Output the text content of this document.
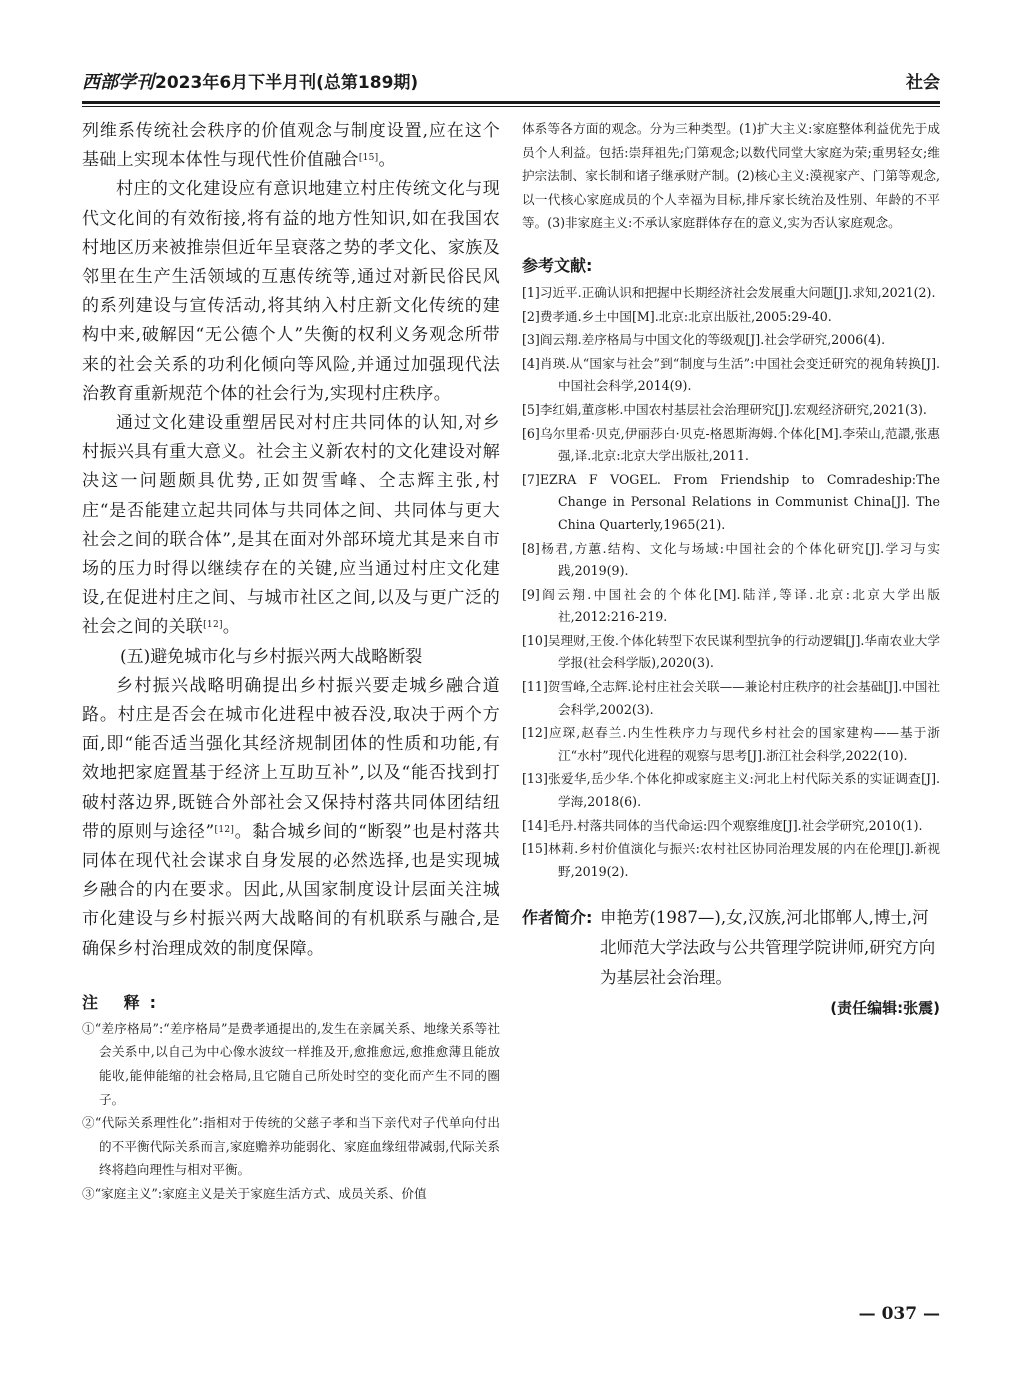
西部学刊2023年6月下半月刊(总第189期)	社会

列维系传统社会秩序的价值观念与制度设置,应在这个基础上实现本体性与现代性价值融合[15]。

村庄的文化建设应有意识地建立村庄传统文化与现代文化间的有效衔接,将有益的地方性知识,如在我国农村地区历来被推崇但近年呈衰落之势的孝文化、家族及邻里在生产生活领域的互惠传统等,通过对新民俗民风的系列建设与宣传活动,将其纳入村庄新文化传统的建构中来,破解因“无公德个人”失衡的权利义务观念所带来的社会关系的功利化倾向等风险,并通过加强现代法治教育重新规范个体的社会行为,实现村庄秩序。

通过文化建设重塑居民对村庄共同体的认知,对乡村振兴具有重大意义。社会主义新农村的文化建设对解决这一问题颇具优势,正如贺雪峰、仝志辉主张,村庄“是否能建立起共同体与共同体之间、共同体与更大社会之间的联合体”,是其在面对外部环境尤其是来自市场的压力时得以继续存在的关键,应当通过村庄文化建设,在促进村庄之间、与城市社区之间,以及与更广泛的社会之间的关联[12]。

(五)避免城市化与乡村振兴两大战略断裂

乡村振兴战略明确提出乡村振兴要走城乡融合道路。村庄是否会在城市化进程中被吞没,取决于两个方面,即“能否适当强化其经济规制团体的性质和功能,有效地把家庭置基于经济上互助互补”,以及“能否找到打破村落边界,既链合外部社会又保持村落共同体团结纽带的原则与途径”[12]。黏合城乡间的“断裂”也是村落共同体在现代社会谋求自身发展的必然选择,也是实现城乡融合的内在要求。因此,从国家制度设计层面关注城市化建设与乡村振兴两大战略间的有机联系与融合,是确保乡村治理成效的制度保障。

注 释:

①“差序格局”:“差序格局”是费孝通提出的,发生在亲属关系、地缘关系等社会关系中,以自己为中心像水波纹一样推及开,愈推愈远,愈推愈薄且能放能收,能伸能缩的社会格局,且它随自己所处时空的变化而产生不同的圈子。

②“代际关系理性化”:指相对于传统的父慈子孝和当下亲代对子代单向付出的不平衡代际关系而言,家庭赡养功能弱化、家庭血缘纽带减弱,代际关系终将趋向理性与相对平衡。

③“家庭主义”:家庭主义是关于家庭生活方式、成员关系、价值

体系等各方面的观念。分为三种类型。(1)扩大主义:家庭整体利益优先于成员个人利益。包括:崇拜祖先;门第观念;以数代同堂大家庭为荣;重男轻女;维护宗法制、家长制和诸子继承财产制。(2)核心主义:漠视家产、门第等观念,以一代核心家庭成员的个人幸福为目标,排斥家长统治及性别、年龄的不平等。(3)非家庭主义:不承认家庭群体存在的意义,实为否认家庭观念。

参考文献:

[1]习近平.正确认识和把握中长期经济社会发展重大问题[J].求知,2021(2).

[2]费孝通.乡土中国[M].北京:北京出版社,2005:29-40.

[3]阎云翔.差序格局与中国文化的等级观[J].社会学研究,2006(4).

[4]肖瑛.从“国家与社会”到“制度与生活”:中国社会变迁研究的视角转换[J].中国社会科学,2014(9).

[5]李红娟,董彦彬.中国农村基层社会治理研究[J].宏观经济研究,2021(3).

[6]乌尔里希·贝克,伊丽莎白·贝克-格恩斯海姆.个体化[M].李荣山,范譞,张惠强,译.北京:北京大学出版社,2011.

[7]EZRA F VOGEL. From Friendship to Comradeship:The Change in Personal Relations in Communist China[J]. The China Quarterly,1965(21).

[8]杨君,方蕙.结构、文化与场域:中国社会的个体化研究[J].学习与实践,2019(9).

[9]阎云翔.中国社会的个体化[M].陆洋,等译.北京:北京大学出版社,2012:216-219.

[10]吴理财,王俊.个体化转型下农民谋利型抗争的行动逻辑[J].华南农业大学学报(社会科学版),2020(3).

[11]贺雪峰,仝志辉.论村庄社会关联——兼论村庄秩序的社会基础[J].中国社会科学,2002(3).

[12]应琛,赵春兰.内生性秩序力与现代乡村社会的国家建构——基于浙江“水村”现代化进程的观察与思考[J].浙江社会科学,2022(10).

[13]张爱华,岳少华.个体化抑或家庭主义:河北上村代际关系的实证调查[J].学海,2018(6).

[14]毛丹.村落共同体的当代命运:四个观察维度[J].社会学研究,2010(1).

[15]林莉.乡村价值演化与振兴:农村社区协同治理发展的内在伦理[J].新视野,2019(2).

作者简介: 申艳芳(1987—),女,汉族,河北邯郸人,博士,河北师范大学法政与公共管理学院讲师,研究方向为基层社会治理。

(责任编辑:张震)
— 037 —
